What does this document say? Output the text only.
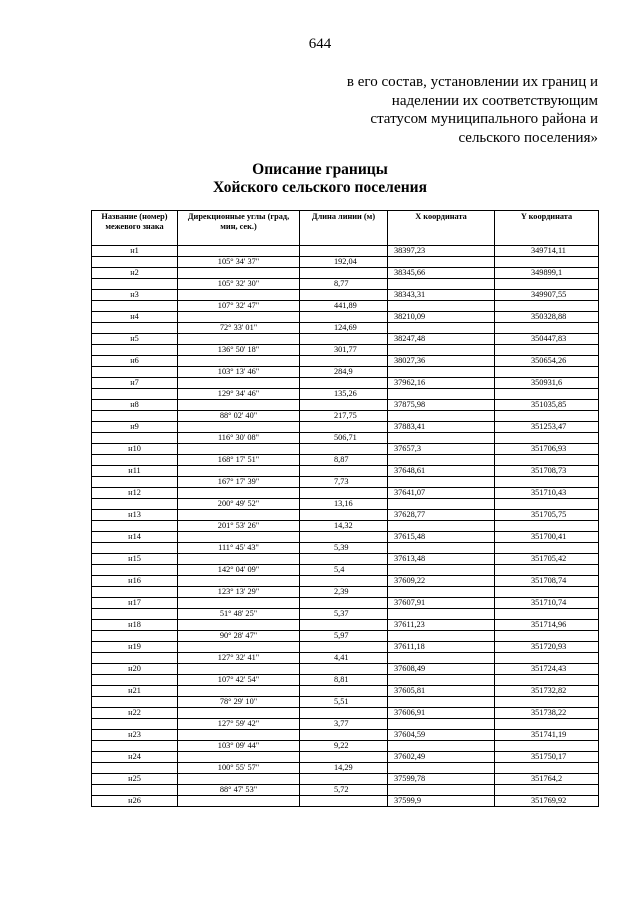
644
в его состав, установлении их границ и
наделении их соответствующим
статусом муниципального района и
сельского поселения»
Описание границы
Хойского сельского поселения
Название (номер) межевого знака	Дирекционные углы (град, мин, сек.)	Длина линии (м)	X координата	Y координата
н1			38397,23	349714,11
	105° 34' 37"	192,04		
н2			38345,66	349899,1
	105° 32' 30"	8,77		
н3			38343,31	349907,55
	107° 32' 47"	441,89		
н4			38210,09	350328,88
	72° 33' 01"	124,69		
н5			38247,48	350447,83
	136° 50' 18"	301,77		
н6			38027,36	350654,26
	103° 13' 46"	284,9		
н7			37962,16	350931,6
	129° 34' 46"	135,26		
н8			37875,98	351035,85
	88° 02' 40"	217,75		
н9			37883,41	351253,47
	116° 30' 08"	506,71		
н10			37657,3	351706,93
	168° 17' 51"	8,87		
н11			37648,61	351708,73
	167° 17' 39"	7,73		
н12			37641,07	351710,43
	200° 49' 52"	13,16		
н13			37628,77	351705,75
	201° 53' 26"	14,32		
н14			37615,48	351700,41
	111° 45' 43"	5,39		
н15			37613,48	351705,42
	142° 04' 09"	5,4		
н16			37609,22	351708,74
	123° 13' 29"	2,39		
н17			37607,91	351710,74
	51° 48' 25"	5,37		
н18			37611,23	351714,96
	90° 28' 47"	5,97		
н19			37611,18	351720,93
	127° 32' 41"	4,41		
н20			37608,49	351724,43
	107° 42' 54"	8,81		
н21			37605,81	351732,82
	78° 29' 10"	5,51		
н22			37606,91	351738,22
	127° 59' 42"	3,77		
н23			37604,59	351741,19
	103° 09' 44"	9,22		
н24			37602,49	351750,17
	100° 55' 57"	14,29		
н25			37599,78	351764,2
	88° 47' 53"	5,72		
н26			37599,9	351769,92
